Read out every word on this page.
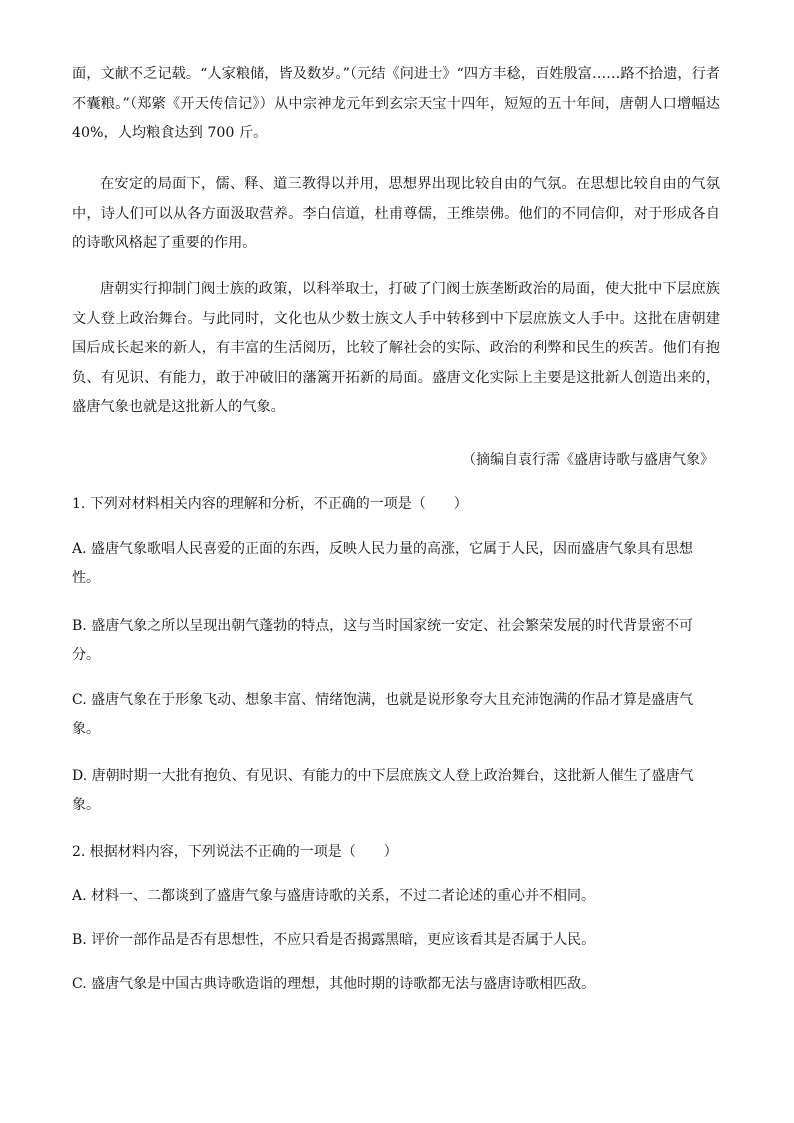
面，文献不乏记载。“人家粮储，皆及数岁。”（元结《问进士》“四方丰稔，百姓殷富……路不拾遗，行者不囊粮。”（郑綮《开天传信记》）从中宗神龙元年到玄宗天宝十四年，短短的五十年间，唐朝人口增幅达 40%，人均粮食达到 700 斤。

在安定的局面下，儒、释、道三教得以并用，思想界出现比较自由的气氛。在思想比较自由的气氛中，诗人们可以从各方面汲取营养。李白信道，杜甫尊儒，王维崇佛。他们的不同信仰，对于形成各自的诗歌风格起了重要的作用。

唐朝实行抑制门阀士族的政策，以科举取士，打破了门阀士族垄断政治的局面，使大批中下层庶族文人登上政治舞台。与此同时，文化也从少数士族文人手中转移到中下层庶族文人手中。这批在唐朝建国后成长起来的新人，有丰富的生活阅历，比较了解社会的实际、政治的利弊和民生的疾苦。他们有抱负、有见识、有能力，敢于冲破旧的藩篱开拓新的局面。盛唐文化实际上主要是这批新人创造出来的，盛唐气象也就是这批新人的气象。

（摘编自袁行霈《盛唐诗歌与盛唐气象》

1. 下列对材料相关内容的理解和分析，不正确的一项是（　　）

A. 盛唐气象歌唱人民喜爱的正面的东西，反映人民力量的高涨，它属于人民，因而盛唐气象具有思想性。

B. 盛唐气象之所以呈现出朝气蓬勃的特点，这与当时国家统一安定、社会繁荣发展的时代背景密不可分。

C. 盛唐气象在于形象飞动、想象丰富、情绪饱满，也就是说形象夸大且充沛饱满的作品才算是盛唐气象。

D. 唐朝时期一大批有抱负、有见识、有能力的中下层庶族文人登上政治舞台，这批新人催生了盛唐气象。

2. 根据材料内容，下列说法不正确的一项是（　　）

A. 材料一、二都谈到了盛唐气象与盛唐诗歌的关系，不过二者论述的重心并不相同。

B. 评价一部作品是否有思想性，不应只看是否揭露黑暗，更应该看其是否属于人民。

C. 盛唐气象是中国古典诗歌造诣的理想，其他时期的诗歌都无法与盛唐诗歌相匹敌。
